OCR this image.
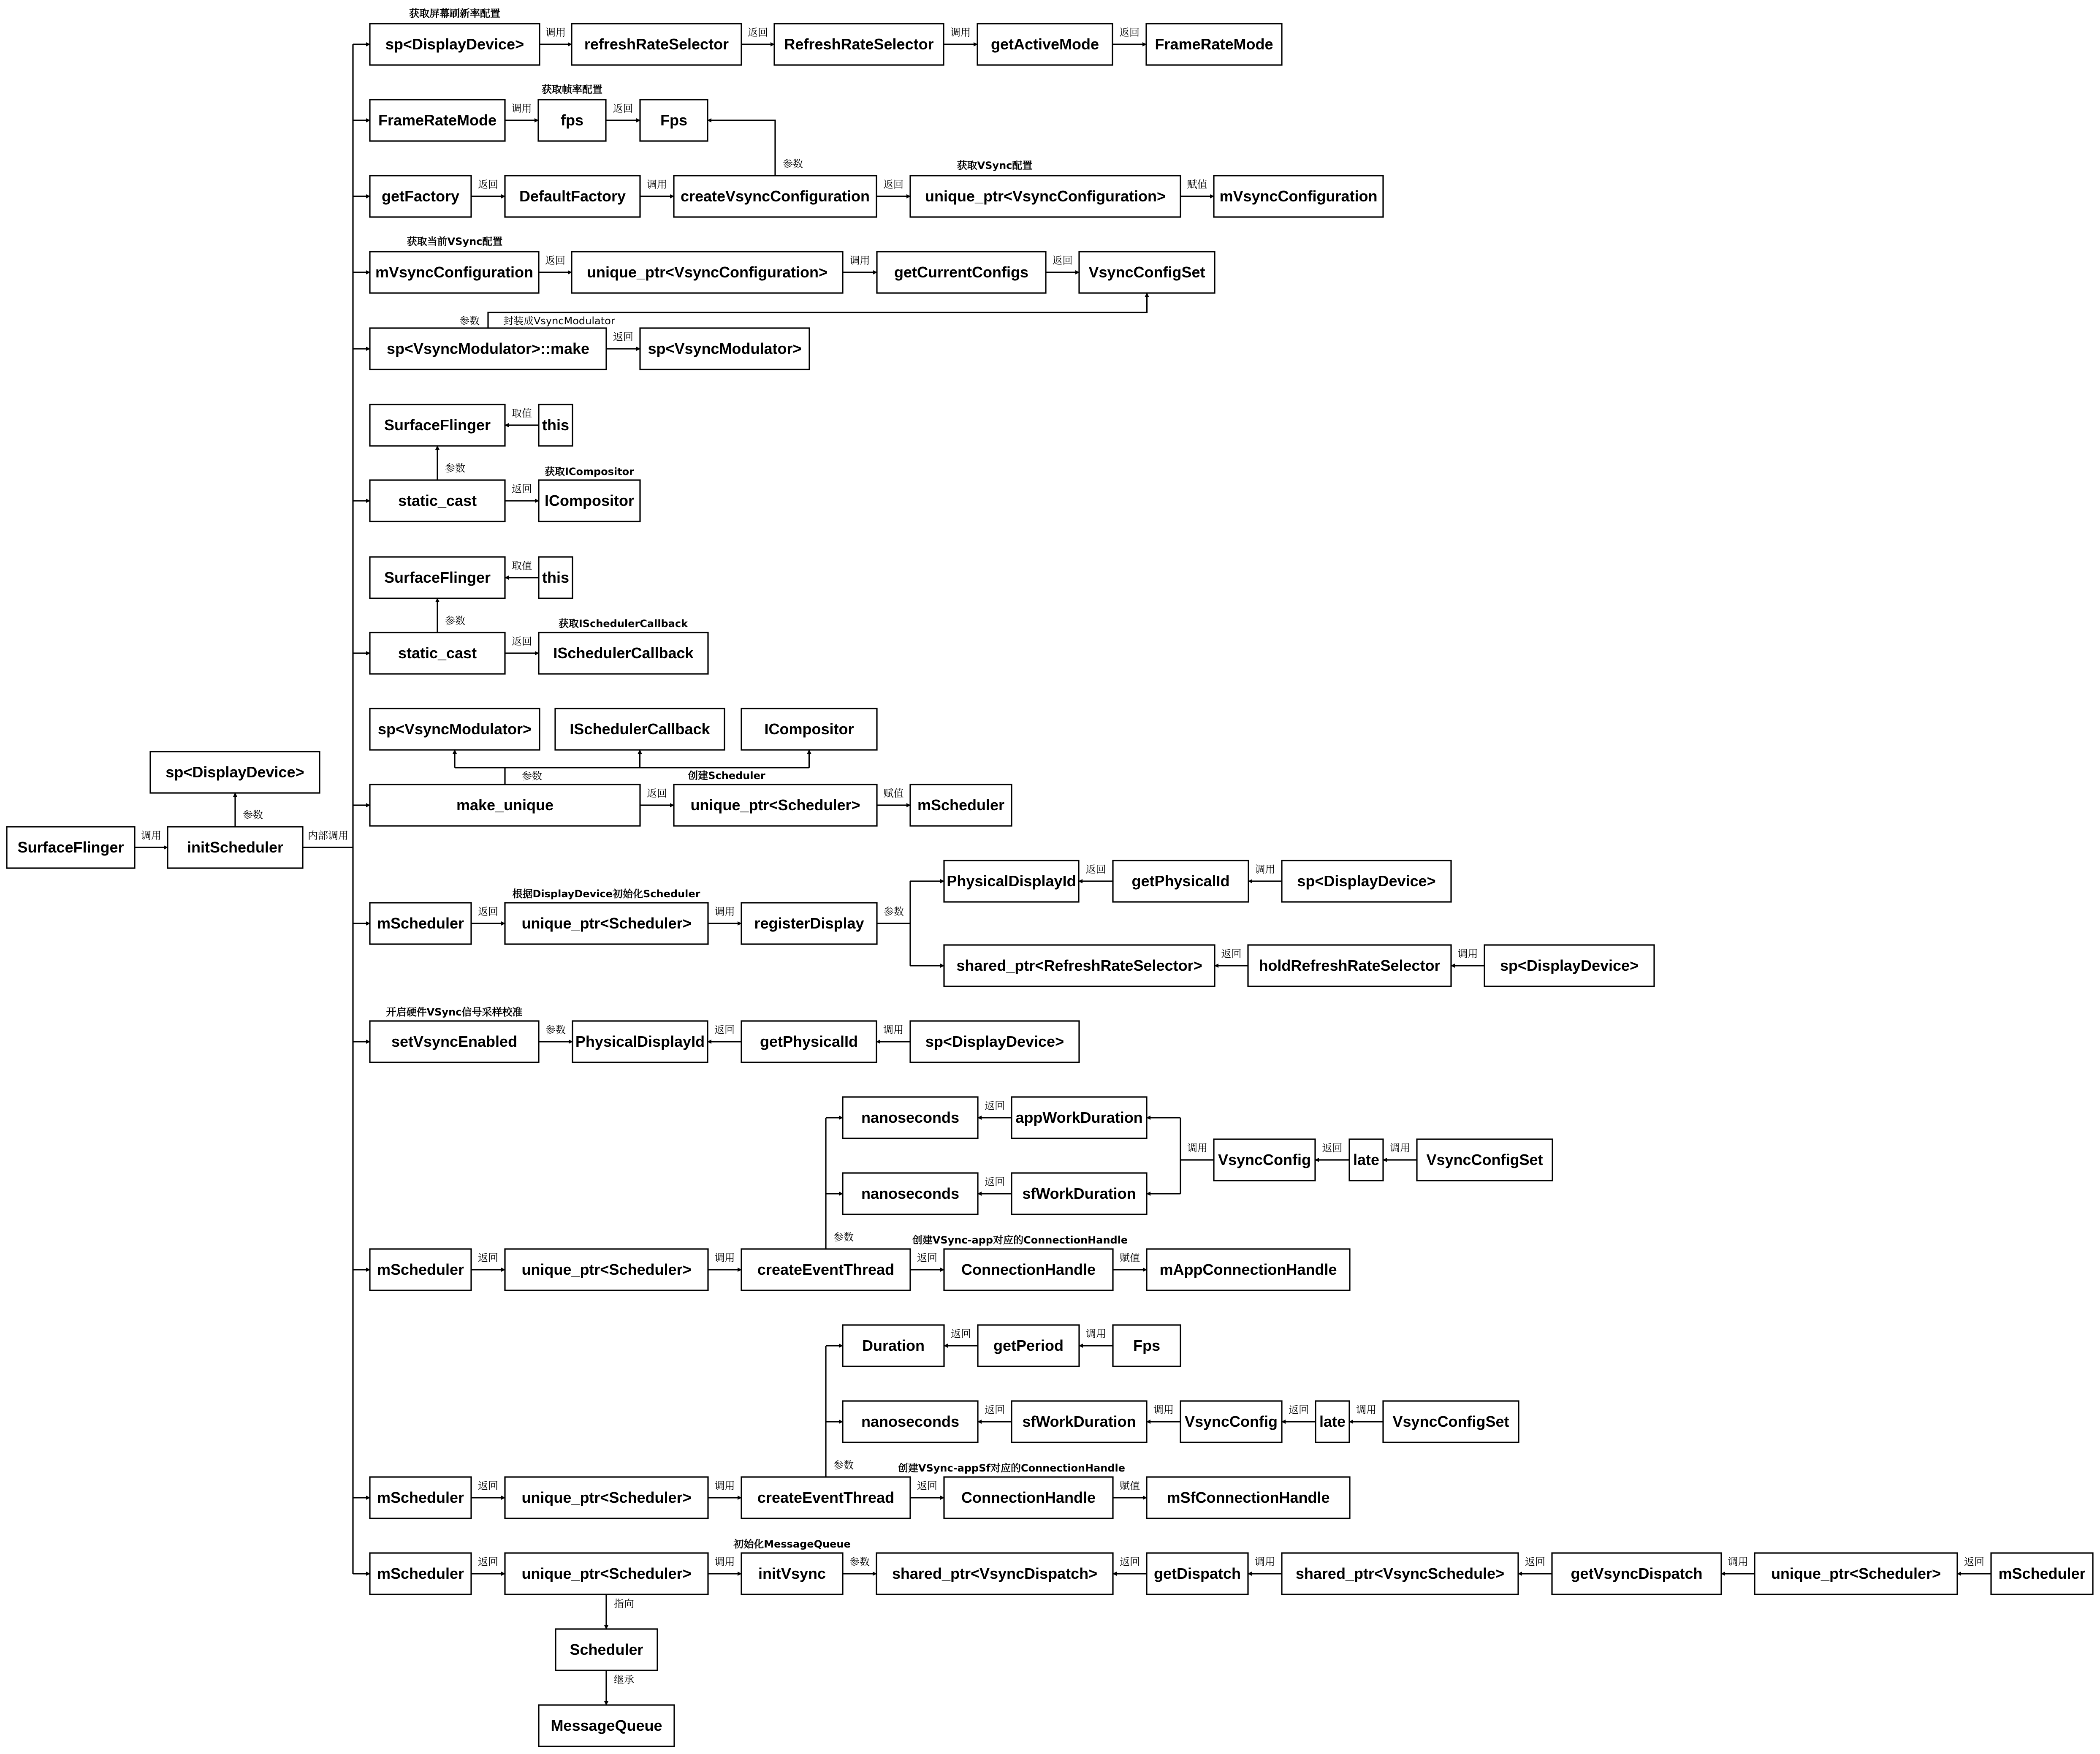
SurfaceFlinger	initScheduler
sp<DisplayDevice>
sp<DisplayDevice>	refreshRateSelector	RefreshRateSelector	getActiveMode	FrameRateMode
FrameRateMode	fps	Fps
getFactory	DefaultFactory	createVsyncConfiguration	unique_ptr<VsyncConfiguration>	mVsyncConfiguration
mVsyncConfiguration	unique_ptr<VsyncConfiguration>	getCurrentConfigs	VsyncConfigSet
sp<VsyncModulator>::make	sp<VsyncModulator>
SurfaceFlinger	this
static_cast	ICompositor
SurfaceFlinger	this
static_cast	ISchedulerCallback
sp<VsyncModulator>	ISchedulerCallback	ICompositor
make_unique	unique_ptr<Scheduler>	mScheduler
mScheduler	unique_ptr<Scheduler>	registerDisplay
PhysicalDisplayId	getPhysicalId	sp<DisplayDevice>
shared_ptr<RefreshRateSelector>	holdRefreshRateSelector	sp<DisplayDevice>
setVsyncEnabled	PhysicalDisplayId	getPhysicalId	sp<DisplayDevice>
nanoseconds	appWorkDuration
VsyncConfig	late	VsyncConfigSet
nanoseconds	sfWorkDuration
mScheduler	unique_ptr<Scheduler>	createEventThread	ConnectionHandle	mAppConnectionHandle
Duration	getPeriod	Fps
nanoseconds	sfWorkDuration	VsyncConfig	late	VsyncConfigSet
mScheduler	unique_ptr<Scheduler>	createEventThread	ConnectionHandle	mSfConnectionHandle
mScheduler	unique_ptr<Scheduler>	initVsync	shared_ptr<VsyncDispatch>	getDispatch	shared_ptr<VsyncSchedule>	getVsyncDispatch	unique_ptr<Scheduler>	mScheduler
Scheduler
MessageQueue
调用
参数
内部调用
获取屏幕刷新率配置
调用	返回	调用	返回
获取帧率配置
调用	返回
参数	获取VSync配置
返回	调用	返回	赋值
获取当前VSync配置
返回	调用	返回
参数 封装成VsyncModulator
返回
取值
参数
返回
获取ICompositor
取值
参数
返回
获取ISchedulerCallback
参数	创建Scheduler
返回	赋值
根据DisplayDevice初始化Scheduler
返回	调用	参数
返回	调用
返回	调用
开启硬件VSync信号采样校准
参数	返回	调用
返回
返回
调用	返回	调用
参数	创建VSync-app对应的ConnectionHandle
返回	调用	返回	赋值
返回	调用
返回	调用	返回	调用
参数	创建VSync-appSf对应的ConnectionHandle
返回	调用	返回	赋值
初始化MessageQueue
返回	调用	参数	返回	调用	返回	调用	返回
指向
继承
